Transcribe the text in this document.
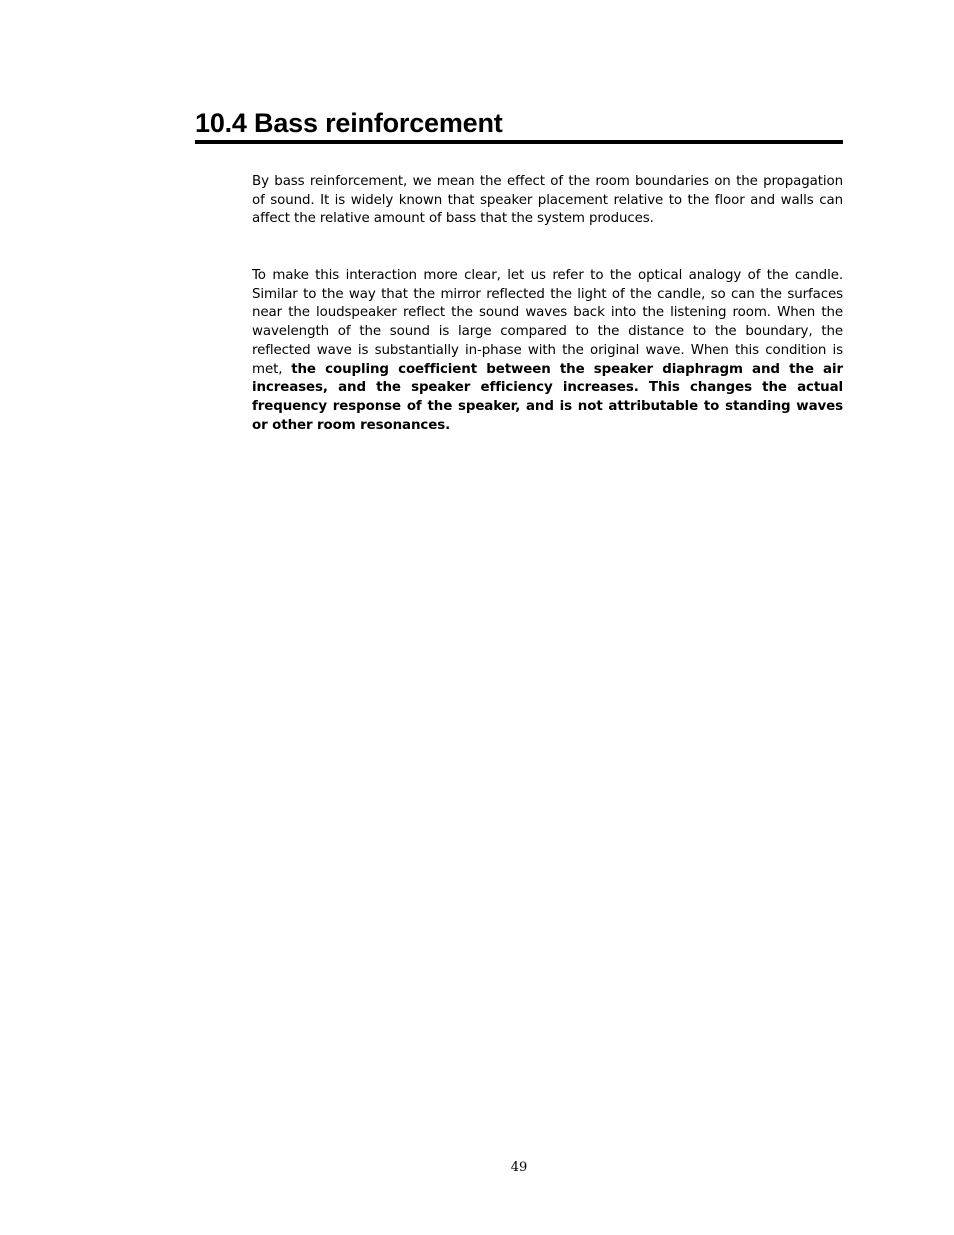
10.4 Bass reinforcement

By bass reinforcement, we mean the effect of the room boundaries on the propagation of sound. It is widely known that speaker placement relative to the floor and walls can affect the relative amount of bass that the system produces.

To make this interaction more clear, let us refer to the optical analogy of the candle. Similar to the way that the mirror reflected the light of the candle, so can the surfaces near the loudspeaker reflect the sound waves back into the listening room. When the wavelength of the sound is large compared to the distance to the boundary, the reflected wave is substantially in-phase with the original wave. When this condition is met, the coupling coefficient between the speaker diaphragm and the air increases, and the speaker efficiency increases. This changes the actual frequency response of the speaker, and is not attributable to standing waves or other room resonances.

49
